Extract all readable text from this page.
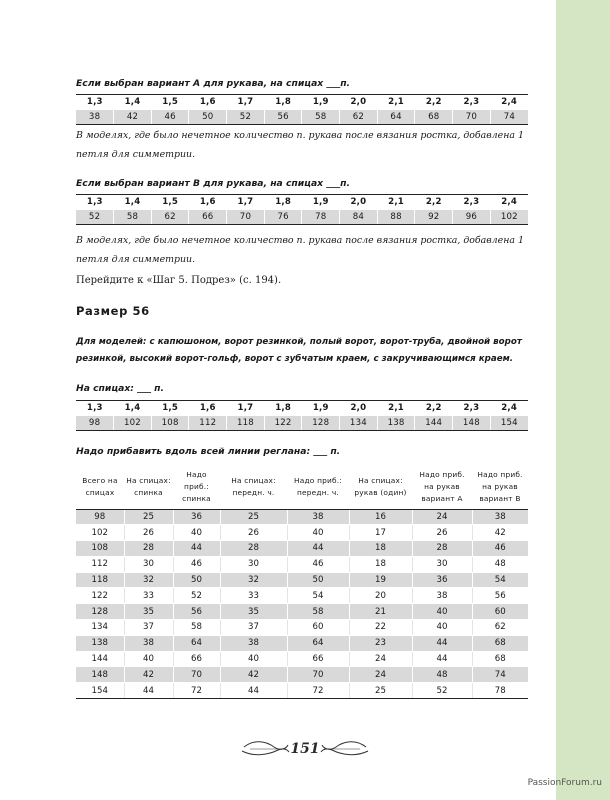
Если выбран вариант А для рукава, на спицах ___п.
1,3	1,4	1,5	1,6	1,7	1,8	1,9	2,0	2,1	2,2	2,3	2,4
38	42	46	50	52	56	58	62	64	68	70	74
В моделях, где было нечетное количество п. рукава после вязания ростка, добавлена 1 петля для симметрии.
Если выбран вариант В для рукава, на спицах ___п.
1,3	1,4	1,5	1,6	1,7	1,8	1,9	2,0	2,1	2,2	2,3	2,4
52	58	62	66	70	76	78	84	88	92	96	102
В моделях, где было нечетное количество п. рукава после вязания ростка, добавлена 1 петля для симметрии.
Перейдите к «Шаг 5. Подрез» (с. 194).
Размер 56
Для моделей: с капюшоном, ворот резинкой, полый ворот, ворот-труба, двойной ворот резинкой, высокий ворот-гольф, ворот с зубчатым краем, с закручивающимся краем.
На спицах: ___ п.
1,3	1,4	1,5	1,6	1,7	1,8	1,9	2,0	2,1	2,2	2,3	2,4
98	102	108	112	118	122	128	134	138	144	148	154
Надо прибавить вдоль всей линии реглана: ___ п.
Всего на спицах	На спицах: спинка	Надо приб.: спинка	На спицах: передн. ч.	Надо приб.: передн. ч.	На спицах: рукав (один)	Надо приб. на рукав вариант А	Надо приб. на рукав вариант В
98	25	36	25	38	16	24	38
102	26	40	26	40	17	26	42
108	28	44	28	44	18	28	46
112	30	46	30	46	18	30	48
118	32	50	32	50	19	36	54
122	33	52	33	54	20	38	56
128	35	56	35	58	21	40	60
134	37	58	37	60	22	40	62
138	38	64	38	64	23	44	68
144	40	66	40	66	24	44	68
148	42	70	42	70	24	48	74
154	44	72	44	72	25	52	78
151
PassionForum.ru
